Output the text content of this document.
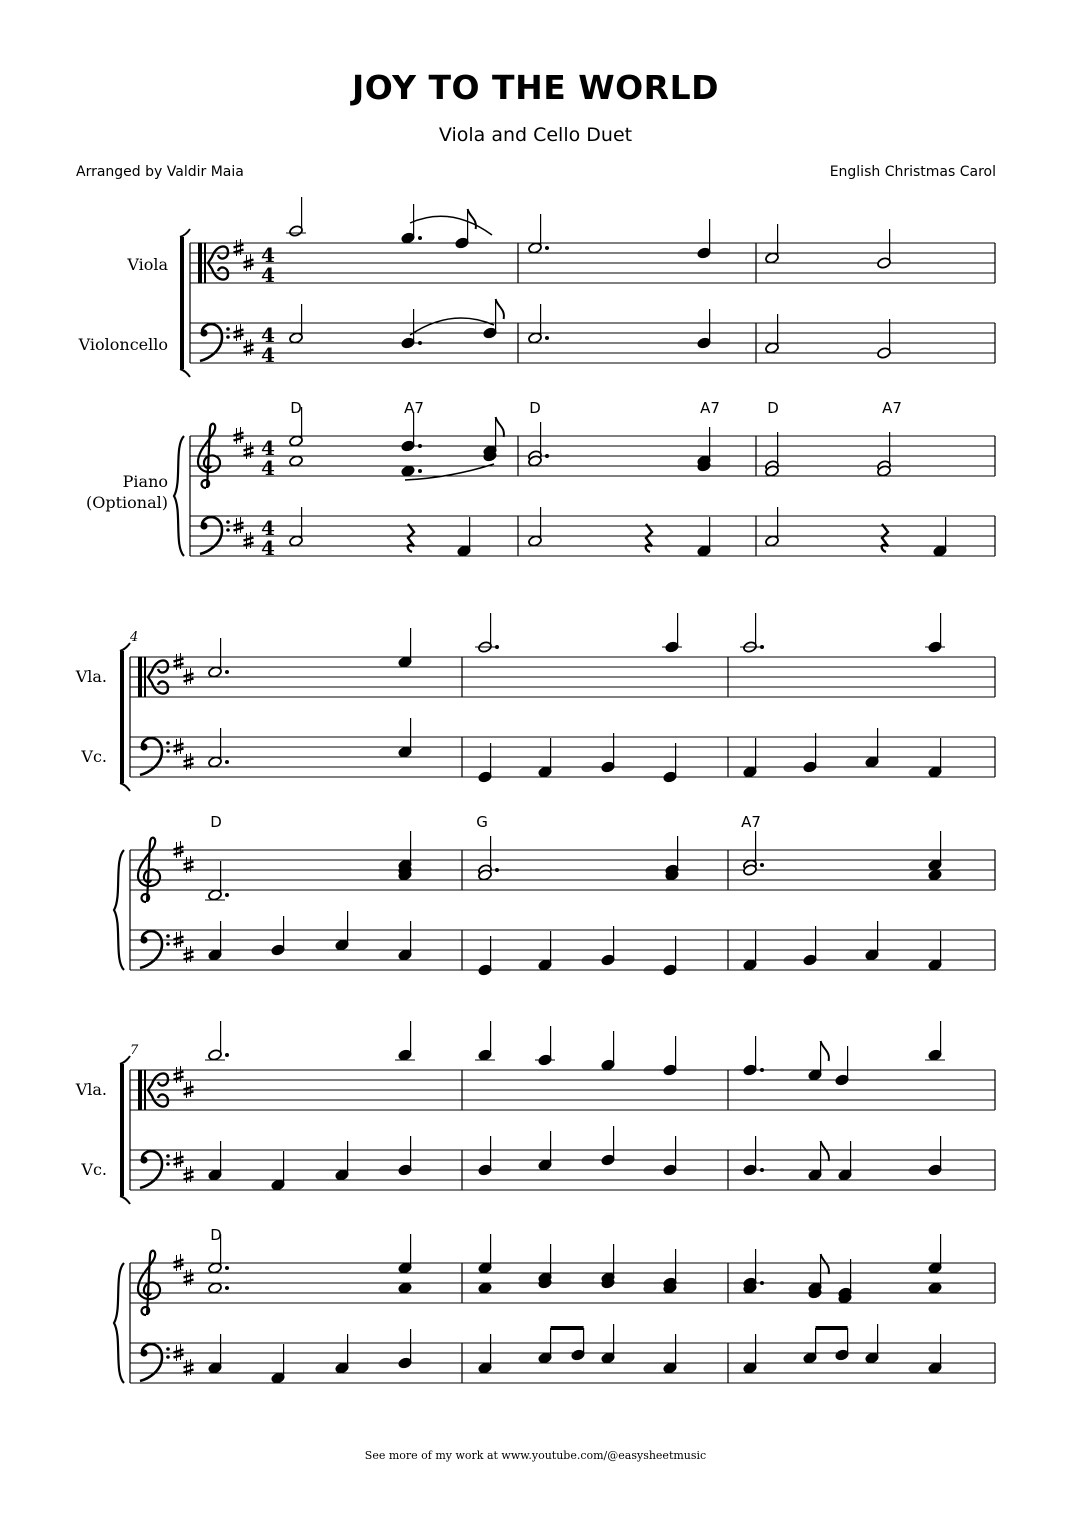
JOY TO THE WORLD
Viola and Cello Duet
Arranged by Valdir Maia	English Christmas Carol
4
4
4
4
4
4
4
4
Viola
Violoncello
Piano
(Optional)
Vla.
Vc.
4
Vla.
Vc.
7
D	A7	D	A7	D	A7
D	G	A7
D
See more of my work at www.youtube.com/@easysheetmusic
